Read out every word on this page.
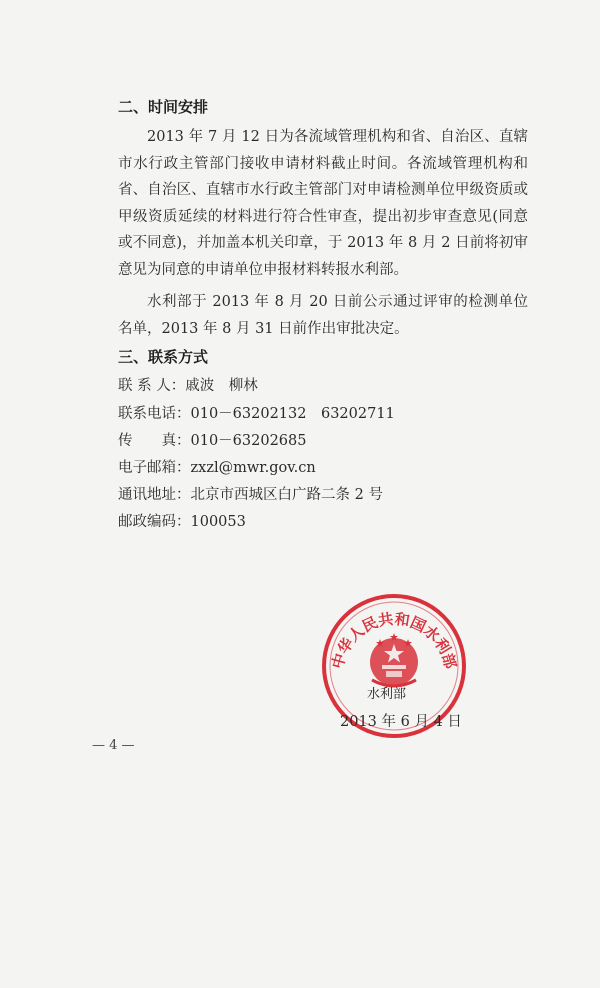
二、时间安排

2013 年 7 月 12 日为各流域管理机构和省、自治区、直辖市水行政主管部门接收申请材料截止时间。各流域管理机构和省、自治区、直辖市水行政主管部门对申请检测单位甲级资质或甲级资质延续的材料进行符合性审查，提出初步审查意见(同意或不同意)，并加盖本机关印章，于 2013 年 8 月 2 日前将初审意见为同意的申请单位申报材料转报水利部。

水利部于 2013 年 8 月 20 日前公示通过评审的检测单位名单，2013 年 8 月 31 日前作出审批决定。

三、联系方式
联 系 人：戚波　柳林
联系电话：010－63202132　63202711
传　　真：010－63202685
电子邮箱：zxzl@mwr.gov.cn
通讯地址：北京市西城区白广路二条 2 号
邮政编码：100053
中华人民共和国水利部
水利部
2013 年 6 月 4 日
— 4 —
